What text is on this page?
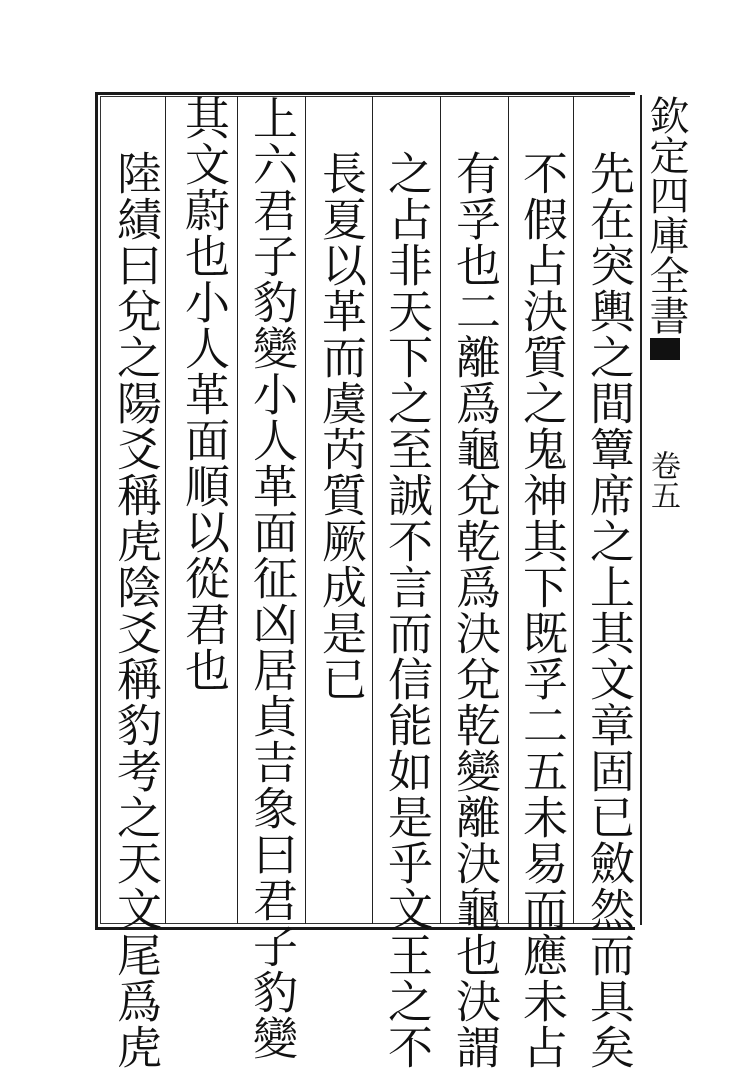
欽定四庫全書
卷五
先在突輿之間簟席之上其文章固已斂然而具矣
不假占決質之鬼神其下既孚二五未易而應未占
有孚也二離爲龜兌乾爲決兌乾變離決龜也決謂
之占非天下之至誠不言而信能如是乎文王之不
長夏以革而虞芮質厥成是已
上六君子豹變小人革面征凶居貞吉象曰君子豹變
其文蔚也小人革面順以從君也
陸績曰兌之陽爻稱虎陰爻稱豹考之天文尾爲虎
